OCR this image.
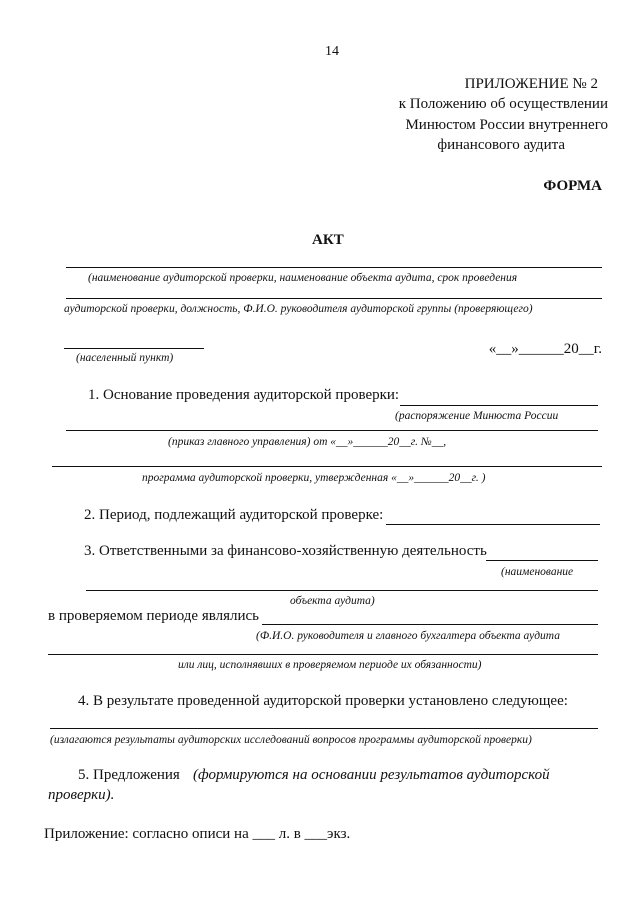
14
ПРИЛОЖЕНИЕ № 2
к Положению об осуществлении
Минюстом России внутреннего
финансового аудита
ФОРМА
АКТ
(наименование аудиторской проверки, наименование объекта аудита, срок проведения
аудиторской проверки, должность, Ф.И.О. руководителя аудиторской группы (проверяющего)
(населенный пункт)
«__»______20__г.
1. Основание проведения аудиторской проверки:
(распоряжение Минюста России
(приказ главного управления) от «__»______20__г. №__,
программа аудиторской проверки, утвержденная «__»______20__г. )
2. Период, подлежащий аудиторской проверке:
3. Ответственными за финансово-хозяйственную деятельность
(наименование
объекта аудита)
в проверяемом периоде являлись
(Ф.И.О. руководителя и главного бухгалтера объекта аудита
или лиц, исполнявших в проверяемом периоде их обязанности)
4. В результате проведенной аудиторской проверки установлено следующее:
(излагаются результаты аудиторских исследований вопросов программы аудиторской проверки)
5. Предложения (формируются на основании результатов аудиторской
проверки).
Приложение: согласно описи на ___ л. в ___экз.
